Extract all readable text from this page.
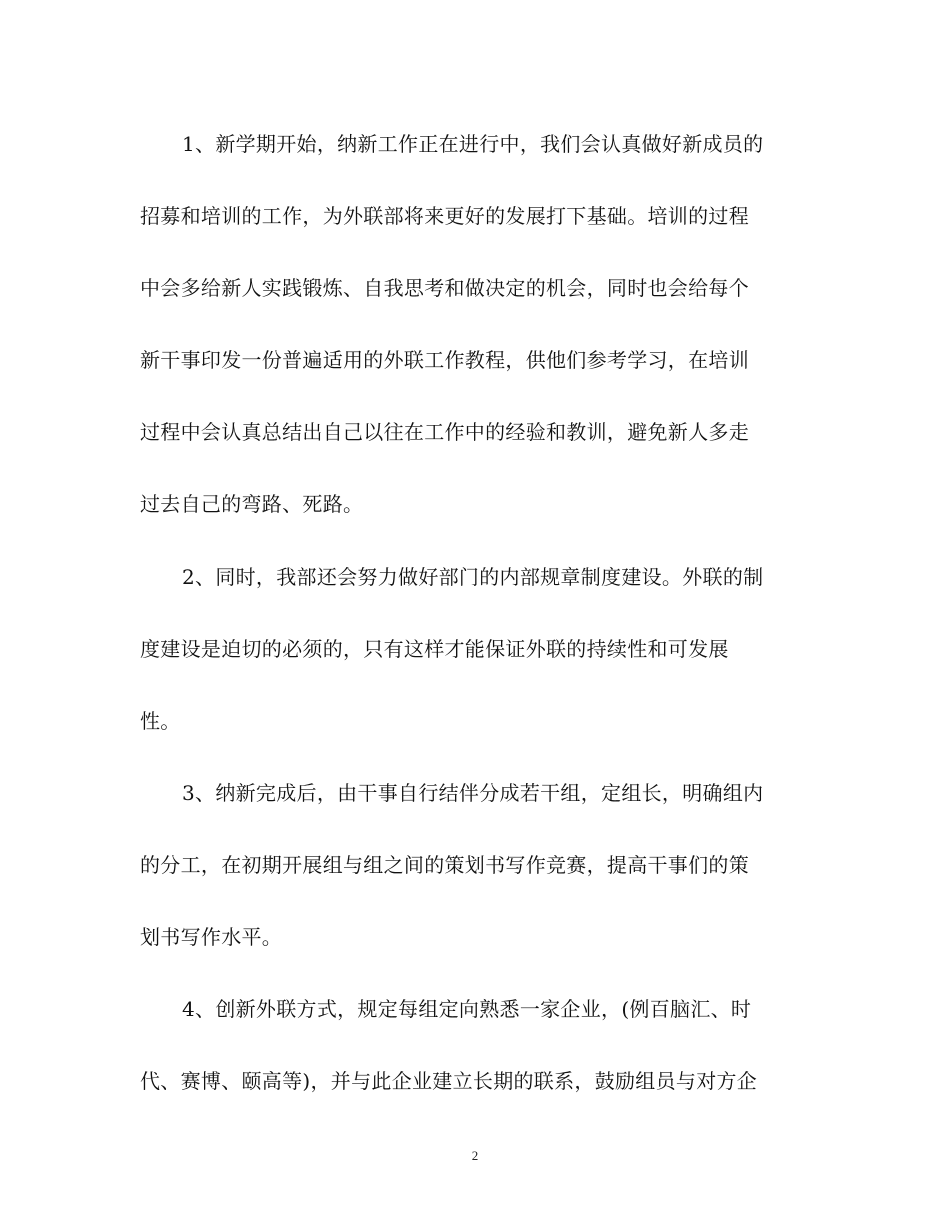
1、新学期开始，纳新工作正在进行中，我们会认真做好新成员的
招募和培训的工作，为外联部将来更好的发展打下基础。培训的过程
中会多给新人实践锻炼、自我思考和做决定的机会，同时也会给每个
新干事印发一份普遍适用的外联工作教程，供他们参考学习，在培训
过程中会认真总结出自己以往在工作中的经验和教训，避免新人多走
过去自己的弯路、死路。
2、同时，我部还会努力做好部门的内部规章制度建设。外联的制
度建设是迫切的必须的，只有这样才能保证外联的持续性和可发展
性。
3、纳新完成后，由干事自行结伴分成若干组，定组长，明确组内
的分工，在初期开展组与组之间的策划书写作竞赛，提高干事们的策
划书写作水平。
4、创新外联方式，规定每组定向熟悉一家企业，(例百脑汇、时
代、赛博、颐高等)，并与此企业建立长期的联系，鼓励组员与对方企
2
